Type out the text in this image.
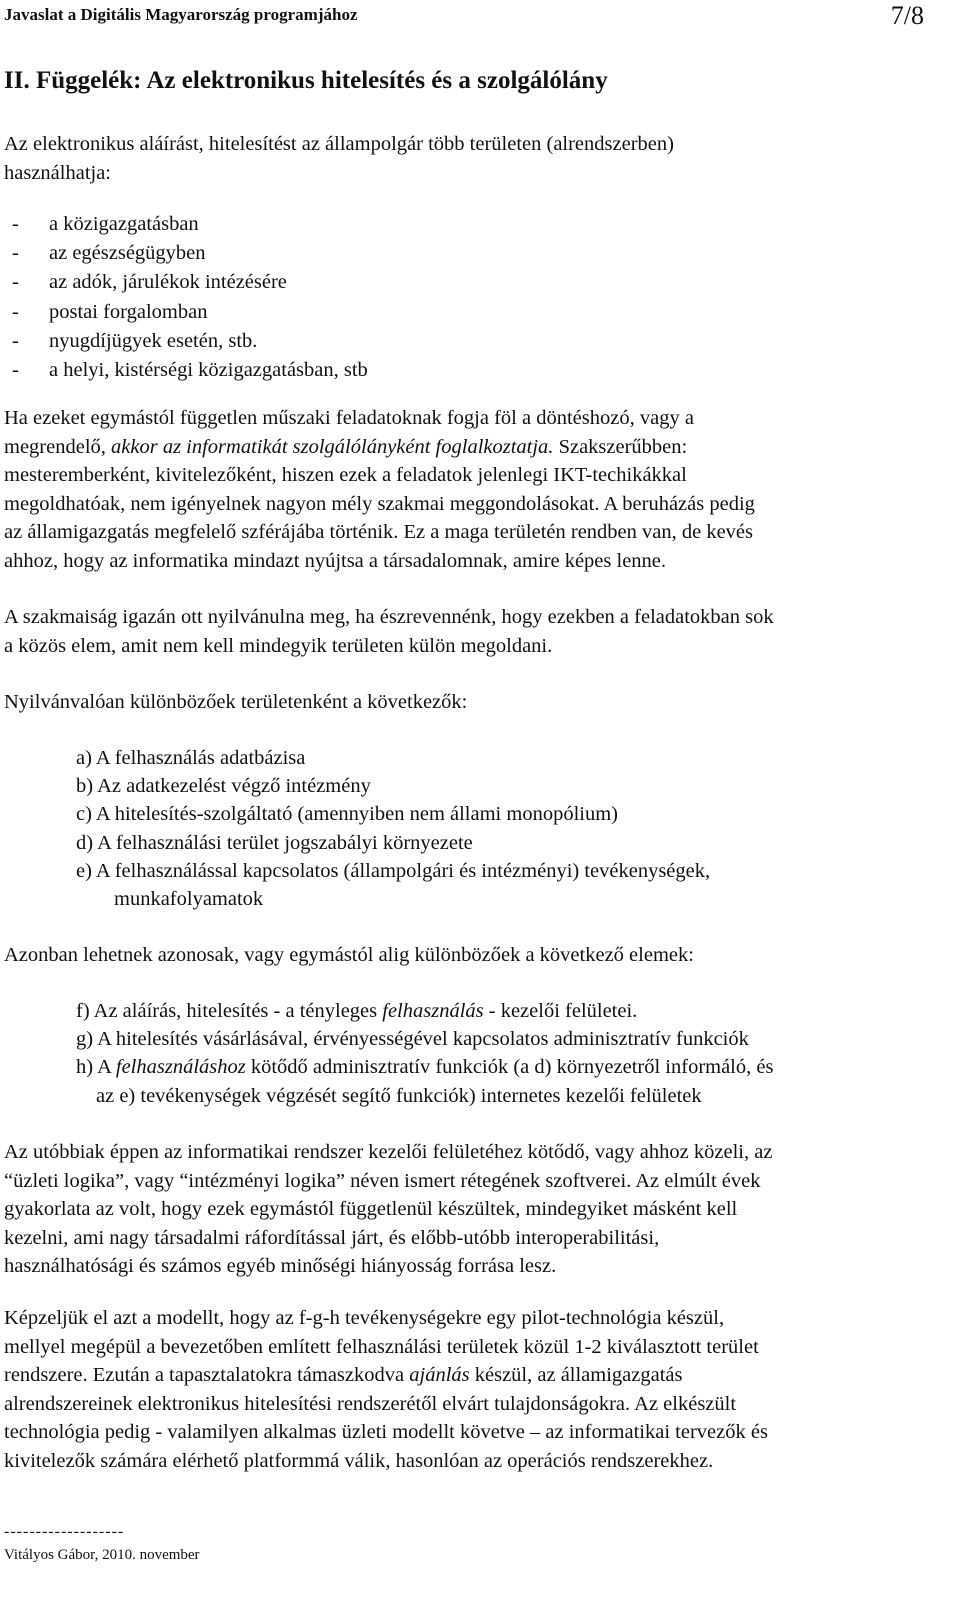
Javaslat a Digitális Magyarország programjához	7/8
II. Függelék: Az elektronikus hitelesítés és a szolgálólány

Az elektronikus aláírást, hitelesítést az állampolgár több területen (alrendszerben)
használhatja:

- a közigazgatásban
- az egészségügyben
- az adók, járulékok intézésére
- postai forgalomban
- nyugdíjügyek esetén, stb.
- a helyi, kistérségi közigazgatásban, stb

Ha ezeket egymástól független műszaki feladatoknak fogja föl a döntéshozó, vagy a
megrendelő, akkor az informatikát szolgálólányként foglalkoztatja. Szakszerűbben:
mesteremberként, kivitelezőként, hiszen ezek a feladatok jelenlegi IKT-techikákkal
megoldhatóak, nem igényelnek nagyon mély szakmai meggondolásokat. A beruházás pedig
az államigazgatás megfelelő szférájába történik. Ez a maga területén rendben van, de kevés
ahhoz, hogy az informatika mindazt nyújtsa a társadalomnak, amire képes lenne.

A szakmaiság igazán ott nyilvánulna meg, ha észrevennénk, hogy ezekben a feladatokban sok
a közös elem, amit nem kell mindegyik területen külön megoldani.

Nyilvánvalóan különbözőek területenként a következők:

a) A felhasználás adatbázisa
b) Az adatkezelést végző intézmény
c) A hitelesítés-szolgáltató (amennyiben nem állami monopólium)
d) A felhasználási terület jogszabályi környezete
e) A felhasználással kapcsolatos (állampolgári és intézményi) tevékenységek,
munkafolyamatok

Azonban lehetnek azonosak, vagy egymástól alig különbözőek a következő elemek:

f) Az aláírás, hitelesítés - a tényleges felhasználás - kezelői felületei.
g) A hitelesítés vásárlásával, érvényességével kapcsolatos adminisztratív funkciók
h) A felhasználáshoz kötődő adminisztratív funkciók (a d) környezetről informáló, és
az e) tevékenységek végzését segítő funkciók) internetes kezelői felületek

Az utóbbiak éppen az informatikai rendszer kezelői felületéhez kötődő, vagy ahhoz közeli, az
“üzleti logika”, vagy “intézményi logika” néven ismert rétegének szoftverei. Az elmúlt évek
gyakorlata az volt, hogy ezek egymástól függetlenül készültek, mindegyiket másként kell
kezelni, ami nagy társadalmi ráfordítással járt, és előbb-utóbb interoperabilitási,
használhatósági és számos egyéb minőségi hiányosság forrása lesz.

Képzeljük el azt a modellt, hogy az f-g-h tevékenységekre egy pilot-technológia készül,
mellyel megépül a bevezetőben említett felhasználási területek közül 1-2 kiválasztott terület
rendszere. Ezután a tapasztalatokra támaszkodva ajánlás készül, az államigazgatás
alrendszereinek elektronikus hitelesítési rendszerétől elvárt tulajdonságokra. Az elkészült
technológia pedig - valamilyen alkalmas üzleti modellt követve – az informatikai tervezők és
kivitelezők számára elérhető platformmá válik, hasonlóan az operációs rendszerekhez.

-------------------
Vitályos Gábor, 2010. november
